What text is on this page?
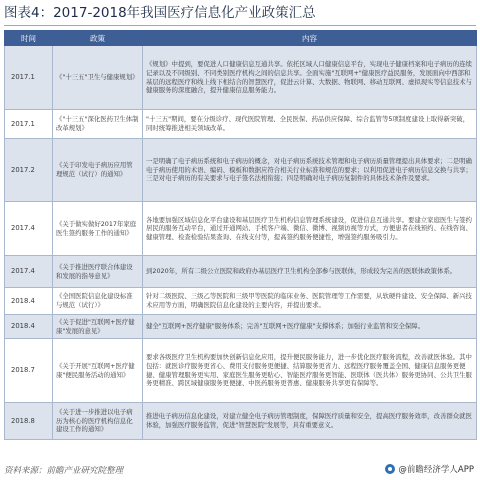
图表4：2017-2018年我国医疗信息化产业政策汇总
时间	政策	内容
2017.1	《"十三五"卫生与健康规划》	《规划》中提到，要促进人口健康信息互通共享。依托区域人口健康信息平台，实现电子健康档案和电子病历的连续记录以及不同级别、不同类别医疗机构之间的信息共享。全面实施"互联网+"健康医疗益民服务，发展面向中西部和基层的远程医疗和线上线下相结合的智慧医疗，促进云计算、大数据、物联网、移动互联网、虚拟现实等信息技术与健康服务的深度融合，提升健康信息服务能力。
2017.1	《"十三五"深化医药卫生体制改革规划》	"十三五"期间，要在分级诊疗、现代医院管理、全民医保、药品供应保障、综合监管等5项制度建设上取得新突破，同时统筹推进相关领域改革。
2017.2	《关于印发电子病历应用管理规范（试行）的通知》	一是明确了电子病历系统和电子病历的概念，对电子病历系统技术管理和电子病历质量管理提出具体要求；二是明确电子病历使用的术语、编码、模板和数据应符合相关行业标准和规范的要求；以利用促进电子病历信息交换与共享；三是对电子病历的有关要求与电子签名法相衔接；四是明确对电子病历复制件的具体技术条件及要求。
2017.4	《关于做实做好2017年家庭医生签约服务工作的通知》	各地要加强区域信息化平台建设和基层医疗卫生机构信息管理系统建设，促进信息互通共享。要建立家庭医生与签约居民的服务互动平台，通过开通网站、手机客户端、微信、微博、视频访视等方式，方便患者在线预约、在线咨询、健康管理、检查检验结果查询、在线支付等，提高签约服务便捷性，增强签约服务吸引力。
2017.4	《关于推进医疗联合体建设和发展的指导意见》	到2020年，所有二级公立医院和政府办基层医疗卫生机构全部参与医联体，形成较为完善的医联体政策体系。
2018.4	《全国医院信息化建设标准与规范（试行）》	针对二级医院、三级乙等医院和三级甲等医院的临床业务、医院管理等工作需要，从软硬件建设、安全保障、新兴技术应用等方面，明确医院信息化建设的主要内容，并提出要求。
2018.4	《关于促进"互联网+医疗健康"发展的意见》	健全"互联网+医疗健康"服务体系；完善"互联网+医疗健康"支撑体系；加强行业监管和安全保障。
2018.7	《关于开展"互联网+医疗健康"便民服务活动的通知》	要求各级医疗卫生机构要加快创新信息化应用，提升便民服务能力，进一步优化医疗服务流程，改善就医体验。其中包括：就医诊疗服务更省心、费用支付服务更便捷、结算服务更省力、远程医疗服务覆盖全国、健康信息服务更便捷、健康管理服务更实用、家庭医生服务更贴心、智能医疗服务更智能、医联体（医共体）服务更协同、公共卫生服务更精准、跨区域健康服务更便捷、中医药服务更普惠、健康服务共享更有保障等。
2018.8	《关于进一步推进以电子病历为核心的医疗机构信息化建设工作的通知》	推进电子病历信息化建设，对建立健全电子病历管理制度，保障医疗质量和安全，提高医疗服务效率，改善群众就医体验，加强医疗服务监管，促进"智慧医院"发展等，具有重要意义。
资料来源：前瞻产业研究院整理	@前瞻经济学人APP
